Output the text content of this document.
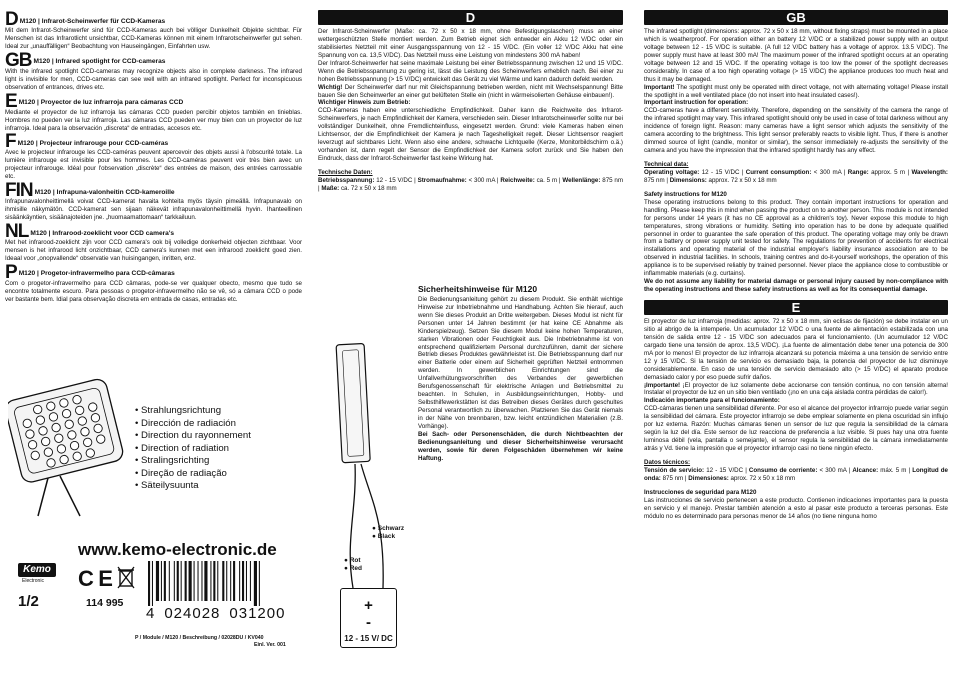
D M120 | Infrarot-Scheinwerfer für CCD-Kameras

Mit dem Infrarot-Scheinwerfer sind für CCD-Kameras auch bei völliger Dunkelheit Objekte sichtbar. Für Menschen ist das Infrarotlicht unsichtbar, CCD-Kameras können mit einem Infrarotscheinwerfer gut sehen. Ideal zur „unauffälligen“ Beobachtung von Hauseingängen, Einfahrten usw.

GB M120 | Infrared spotlight for CCD-cameras

With the infrared spotlight CCD-cameras may recognize objects also in complete darkness. The infrared light is invisible for men, CCD-cameras can see well with an infrared spotlight. Perfect for inconspicuous observation of entrances, drives etc.

E M120 | Proyector de luz infrarroja para cámaras CCD

Mediante el proyector de luz infrarroja las cámaras CCD pueden percibir objetos también en tinieblas. Hombres no pueden ver la luz infrarroja. Las cámaras CCD pueden ver muy bien con un proyector de luz infrarroja. Ideal para la observación „discreta“ de entradas, accesos etc.

F M120 | Projecteur infrarouge pour CCD-caméras

Avec le projecteur infrarouge les CCD-caméras peuvent apercevoir des objets aussi à l'obscurité totale. La lumière infrarouge est invisible pour les hommes. Les CCD-caméras peuvent voir très bien avec un projecteur infrarouge. Idéal pour l'observation „discrète“ des entrées de maison, des entrées carrossable etc.

FIN M120 | Infrapuna-valonheitin CCD-kameroille

Infrapunavalonheittimellä voivat CCD-kamerat havaita kohteita myös täysin pimeällä. Infrapunavalo on ihmisille näkymätön. CCD-kamerat sen sijaan näkevät infrapunavalonheittimellä hyvin. Ihanteellinen sisäänkäyntien, sisäänajoteiden jne. „huomaamattomaan“ tarkkailuun.

NL M120 | Infrarood-zoeklicht voor CCD camera's

Met het infrarood-zoeklicht zijn voor CCD camera's ook bij volledige donkerheid objecten zichtbaar. Voor mensen is het infrarood licht onzichtbaar, CCD camera's kunnen met een infrarood zoeklicht goed zien. Ideaal voor „onopvallende“ observatie van huisingangen, inritten, enz.

P M120 | Progetor-infravermelho para CCD-câmaras

Com o progetor-infravermelho para CCD câmaras, pode-se ver qualquer obecto, mesmo que tudo se encontre totalmente escuro. Para pessoas o progetor-infravermelho não se vê, só a câmara CCD o pode ver bastante bem. Idial para observação discreta em entrada de casas, entradas etc.

• Strahlungsrichtung
• Dirección de radiación
• Direction du rayonnement
• Direction of radiation
• Stralingsrichting
• Direção de radiação
• Säteilysuunta
www.kemo-electronic.de
Kemo
Electronic C E
1/2	114 995
4 024028 031200
P / Module / M120 / Beschreibung / 02028DU / KV040
Einl. Ver. 001
D

Der Infrarot-Scheinwerfer (Maße: ca. 72 x 50 x 18 mm, ohne Befestigungslaschen) muss an einer wettergeschützten Stelle montiert werden. Zum Betrieb eignet sich entweder ein Akku 12 V/DC oder ein stabilisiertes Netzteil mit einer Ausgangsspannung von 12 - 15 V/DC. (Ein voller 12 V/DC Akku hat eine Spannung von ca. 13,5 V/DC). Das Netzteil muss eine Leistung von mindestens 300 mA haben!

Der Infrarot-Scheinwerfer hat seine maximale Leistung bei einer Betriebsspannung zwischen 12 und 15 V/DC. Wenn die Betriebsspannung zu gering ist, lässt die Leistung des Scheinwerfers erheblich nach. Bei einer zu hohen Betriebsspannung (> 15 V/DC) entwickelt das Gerät zu viel Wärme und kann dadurch defekt werden.

Wichtig! Der Scheinwerfer darf nur mit Gleichspannung betrieben werden, nicht mit Wechselspannung! Bitte bauen Sie den Scheinwerfer an einer gut belüfteten Stelle ein (nicht in wärmeisolierten Gehäuse einbauen!).

Wichtiger Hinweis zum Betrieb:

CCD-Kameras haben eine unterschiedliche Empfindlichkeit. Daher kann die Reichweite des Infrarot-Scheinwerfers, je nach Empfindlichkeit der Kamera, verschieden sein. Dieser Infrarotscheinwerfer sollte nur bei vollständiger Dunkelheit, ohne Fremdlichteinfluss, eingesetzt werden. Grund: viele Kameras haben einen Lichtsensor, der die Empfindlichkeit der Kamera je nach Tageshelligkeit regelt. Dieser Lichtsensor reagiert leverzugt auf sichtbares Licht. Wenn also eine andere, schwache Lichtquelle (Kerze, Monitorbildschirm o.ä.) vorhanden ist, dann regelt der Sensor die Empfindlichkeit der Kamera sofort zurück und Sie haben den Eindruck, dass der Infrarot-Scheinwerfer fast keine Wirkung hat.

Technische Daten:

Betriebsspannung: 12 - 15 V/DC | Stromaufnahme: < 300 mA | Reichweite: ca. 5 m | Wellenlänge: 875 nm | Maße: ca. 72 x 50 x 18 mm

Sicherheitshinweise für M120

Die Bedienungsanleitung gehört zu diesem Produkt. Sie enthält wichtige Hinweise zur Inbetriebnahme und Handhabung. Achten Sie hierauf, auch wenn Sie dieses Produkt an Dritte weitergeben. Dieses Modul ist nicht für Personen unter 14 Jahren bestimmt (er hat keine CE Abnahme als Kinderspielzeug). Setzen Sie diesem Modul keine hohen Temperaturen, starken Vibrationen oder Feuchtigkeit aus. Die Inbetriebnahme ist von entsprechend qualifiziertem Personal durchzuführen, damit der sichere Betrieb dieses Produktes gewährleistet ist. Die Betriebsspannung darf nur einer Batterie oder einem auf Sicherheit geprüften Netzteil entnommen werden. In gewerblichen Einrichtungen sind die Unfallverhütungsvorschriften des Verbandes der gewerblichen Berufsgenossenschaft für elektrische Anlagen und Betriebsmittel zu beachten. In Schulen, in Ausbildungseinrichtungen, Hobby- und Selbsthilfewerkstätten ist das Betreiben dieses Gerätes durch geschultes Personal verantwortlich zu überwachen. Platzieren Sie das Gerät niemals in der Nähe von brennbaren, bzw. leicht entzündlichen Materialien (z.B. Vorhänge).

Bei Sach- oder Personenschäden, die durch Nichtbeachten der Bedienungsanleitung und dieser Sicherheitshinweise verursacht werden, sowie für deren Folgeschäden übernehmen wir keine Haftung.

● Schwarz
● Black
● Rot
● Red
+ -
12 - 15 V/ DC
GB

The infrared spotlight (dimensions: approx. 72 x 50 x 18 mm, without fixing straps) must be mounted in a place which is weatherproof. For operation either an battery 12 V/DC or a stabilized power supply with an output voltage between 12 - 15 V/DC is suitable. (A full 12 V/DC battery has a voltage of approx. 13.5 V/DC). The power supply must have at least 300 mA! The maximum power of the infrared spotlight occurs at an operating voltage between 12 and 15 V/DC. If the operating voltage is too low the power of the spotlight decreases considerably. In case of a too high operating voltage (> 15 V/DC) the appliance produces too much heat and thus it may be damaged.

Important! The spotlight must only be operated with direct voltage, not with alternating voltage! Please install the spotlight in a well ventilated place (do not insert into heat insulated cases!).

Important instruction for operation:

CCD-cameras have a different sensitivity. Therefore, depending on the sensitivity of the camera the range of the infrared spotlight may vary. This infrared spotlight should only be used in case of total darkness without any incidence of foreign light. Reason: many cameras have a light sensor which adjusts the sensitivity of the camera according to the brightness. This light sensor preferably reacts to visible light. Thus, if there is another dimmed source of light (candle, monitor or similar), the sensor immediately re-adjusts the sensitivity of the camera and you have the impression that the infrared spotlight hardly has any effect.

Technical data:

Operating voltage: 12 - 15 V/DC | Current consumption: < 300 mA | Range: approx. 5 m | Wavelength: 875 nm | Dimensions: approx. 72 x 50 x 18 mm

Safety instructions for M120

These operating instructions belong to this product. They contain important instructions for operation and handling. Please keep this in mind when passing the product on to another person. This module is not intended for persons under 14 years (it has no CE approval as a children's toy). Never expose this module to high temperatures, strong vibrations or humidity. Setting into operation has to be done by adequate qualified personnel in order to guarantee the safe operation of this product. The operating voltage may only be drawn from a battery or power supply unit tested for safety. The regulations for prevention of accidents for electrical installations and operating material of the industrial employer's liability insurance association are to be observed in industrial facilities. In schools, training centres and do-it-yourself workshops, the operation of this appliance is to be supervised reliably by trained personnel. Never place the appliance close to combustible or inflammable materials (e.g. curtains).

We do not assume any liability for material damage or personal injury caused by non-compliance with the operating instructions and these safety instructions as well as for its consequential damage.

E

El proyector de luz infrarroja (medidas: aprox. 72 x 50 x 18 mm, sin eclisas de fijación) se debe instalar en un sitio al abrigo de la intemperie. Un acumulador 12 V/DC o una fuente de alimentación estabilizada con una tensión de salida entre 12 - 15 V/DC son adecuados para el funcionamiento. (Un acumulador 12 V/DC cargado tiene una tensión de aprox. 13,5 V/DC). ¡La fuente de alimentación debe tener una potencia de 300 mA por lo menos! El proyector de luz infrarroja alcanzará su potencia máxima a una tensión de servicio entre 12 y 15 V/DC. Si la tensión de servicio es demasiado baja, la potencia del proyector de luz disminuye considerablemente. En caso de una tensión de servicio demasiado alto (> 15 V/DC) el aparato produce demasiado calor y por eso puede sufrir daños.

¡Importante! ¡El proyector de luz solamente debe accionarse con tensión continua, no con tensión alterna! Instalar el proyector de luz en un sitio bien ventilado (¡no en una caja aislada contra pérdidas de calor!).

Indicación importante para el funcionamiento:

CCD-cámaras tienen una sensibilidad diferente. Por eso el alcance del proyector infrarrojo puede variar según la sensibilidad del cámara. Este proyector infrarrojo se debe emplear solamente en plena oscuridad sin influjo por luz externa. Razón: Muchas cámaras tienen un sensor de luz que regula la sensibilidad de la cámara según la luz del día. Este sensor de luz reacciona de preferencia a luz visible. Si pues hay una otra fuente luminosa débil (vela, pantalla o semejante), el sensor regula la sensibilidad de la cámara inmediatamente atrás y Vd. tiene la impresión que el proyector infrarrojo casi no tiene ningún efecto.

Datos técnicos:

Tensión de servicio: 12 - 15 V/DC | Consumo de corriente: < 300 mA | Alcance: máx. 5 m | Longitud de onda: 875 nm | Dimensiones: aprox. 72 x 50 x 18 mm

Instrucciones de seguridad para M120

Las instrucciones de servicio pertenecen a este producto. Contienen indicaciones importantes para la puesta en servicio y el manejo. Prestar también atención a esto al pasar este producto a terceras personas. Este módulo no es determinado para personas menor de 14 años (no tiene ninguna homo
